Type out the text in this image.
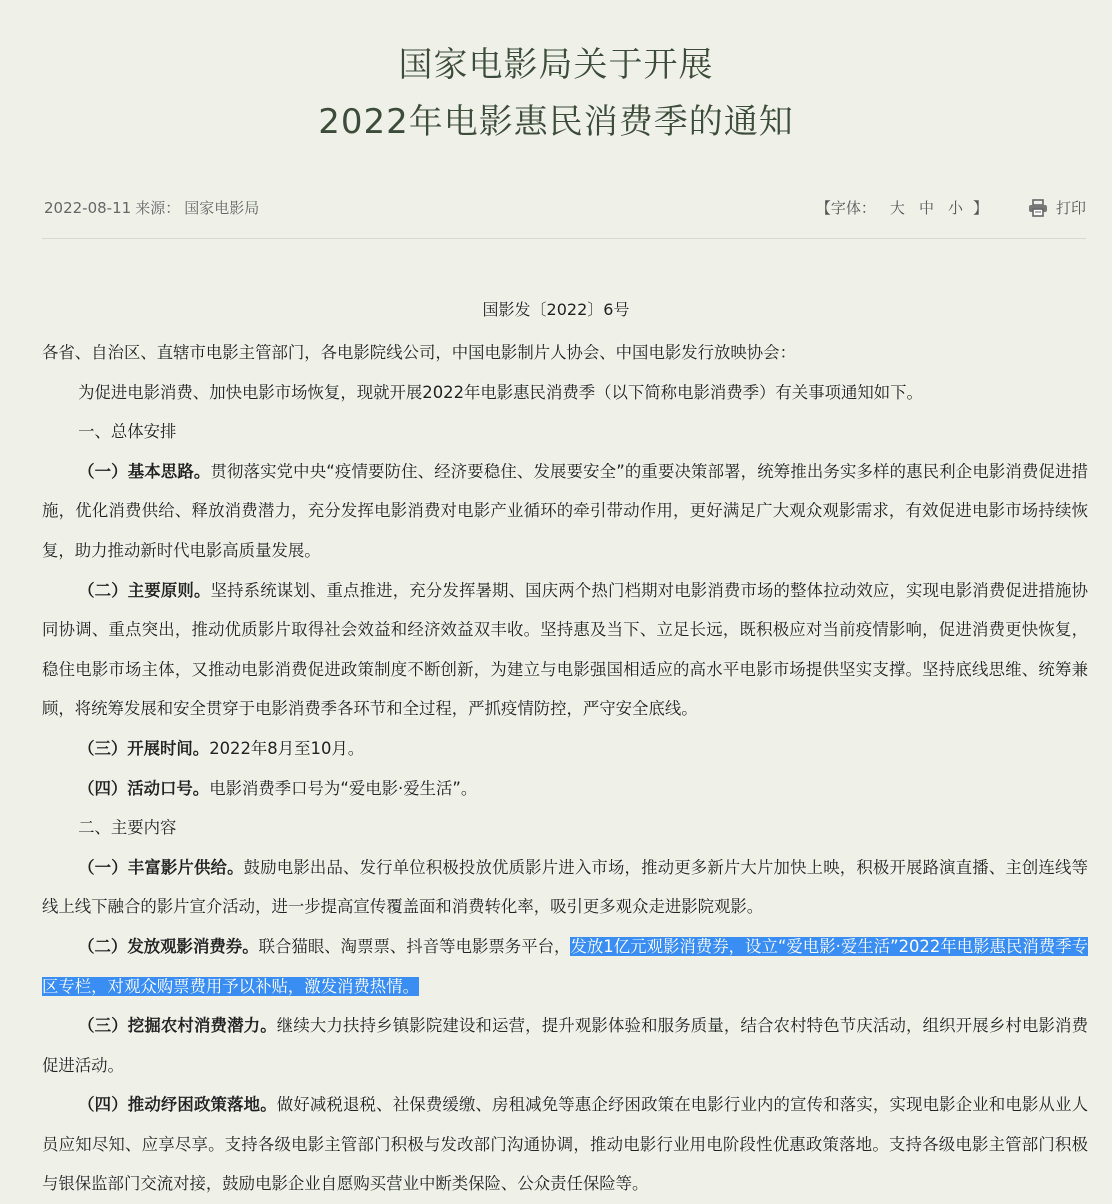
国家电影局关于开展
2022年电影惠民消费季的通知
2022-08-11 来源： 国家电影局	【字体： 大 中 小 】	打印
国影发〔2022〕6号

各省、自治区、直辖市电影主管部门，各电影院线公司，中国电影制片人协会、中国电影发行放映协会：

为促进电影消费、加快电影市场恢复，现就开展2022年电影惠民消费季（以下简称电影消费季）有关事项通知如下。

一、总体安排

（一）基本思路。贯彻落实党中央“疫情要防住、经济要稳住、发展要安全”的重要决策部署，统筹推出务实多样的惠民利企电影消费促进措施，优化消费供给、释放消费潜力，充分发挥电影消费对电影产业循环的牵引带动作用，更好满足广大观众观影需求，有效促进电影市场持续恢复，助力推动新时代电影高质量发展。

（二）主要原则。坚持系统谋划、重点推进，充分发挥暑期、国庆两个热门档期对电影消费市场的整体拉动效应，实现电影消费促进措施协同协调、重点突出，推动优质影片取得社会效益和经济效益双丰收。坚持惠及当下、立足长远，既积极应对当前疫情影响，促进消费更快恢复，稳住电影市场主体，又推动电影消费促进政策制度不断创新，为建立与电影强国相适应的高水平电影市场提供坚实支撑。坚持底线思维、统筹兼顾，将统筹发展和安全贯穿于电影消费季各环节和全过程，严抓疫情防控，严守安全底线。

（三）开展时间。2022年8月至10月。

（四）活动口号。电影消费季口号为“爱电影·爱生活”。

二、主要内容

（一）丰富影片供给。鼓励电影出品、发行单位积极投放优质影片进入市场，推动更多新片大片加快上映，积极开展路演直播、主创连线等线上线下融合的影片宣介活动，进一步提高宣传覆盖面和消费转化率，吸引更多观众走进影院观影。

（二）发放观影消费券。联合猫眼、淘票票、抖音等电影票务平台，发放1亿元观影消费券，设立“爱电影·爱生活”2022年电影惠民消费季专区专栏，对观众购票费用予以补贴，激发消费热情。

（三）挖掘农村消费潜力。继续大力扶持乡镇影院建设和运营，提升观影体验和服务质量，结合农村特色节庆活动，组织开展乡村电影消费促进活动。

（四）推动纾困政策落地。做好减税退税、社保费缓缴、房租减免等惠企纾困政策在电影行业内的宣传和落实，实现电影企业和电影从业人员应知尽知、应享尽享。支持各级电影主管部门积极与发改部门沟通协调，推动电影行业用电阶段性优惠政策落地。支持各级电影主管部门积极与银保监部门交流对接，鼓励电影企业自愿购买营业中断类保险、公众责任保险等。
